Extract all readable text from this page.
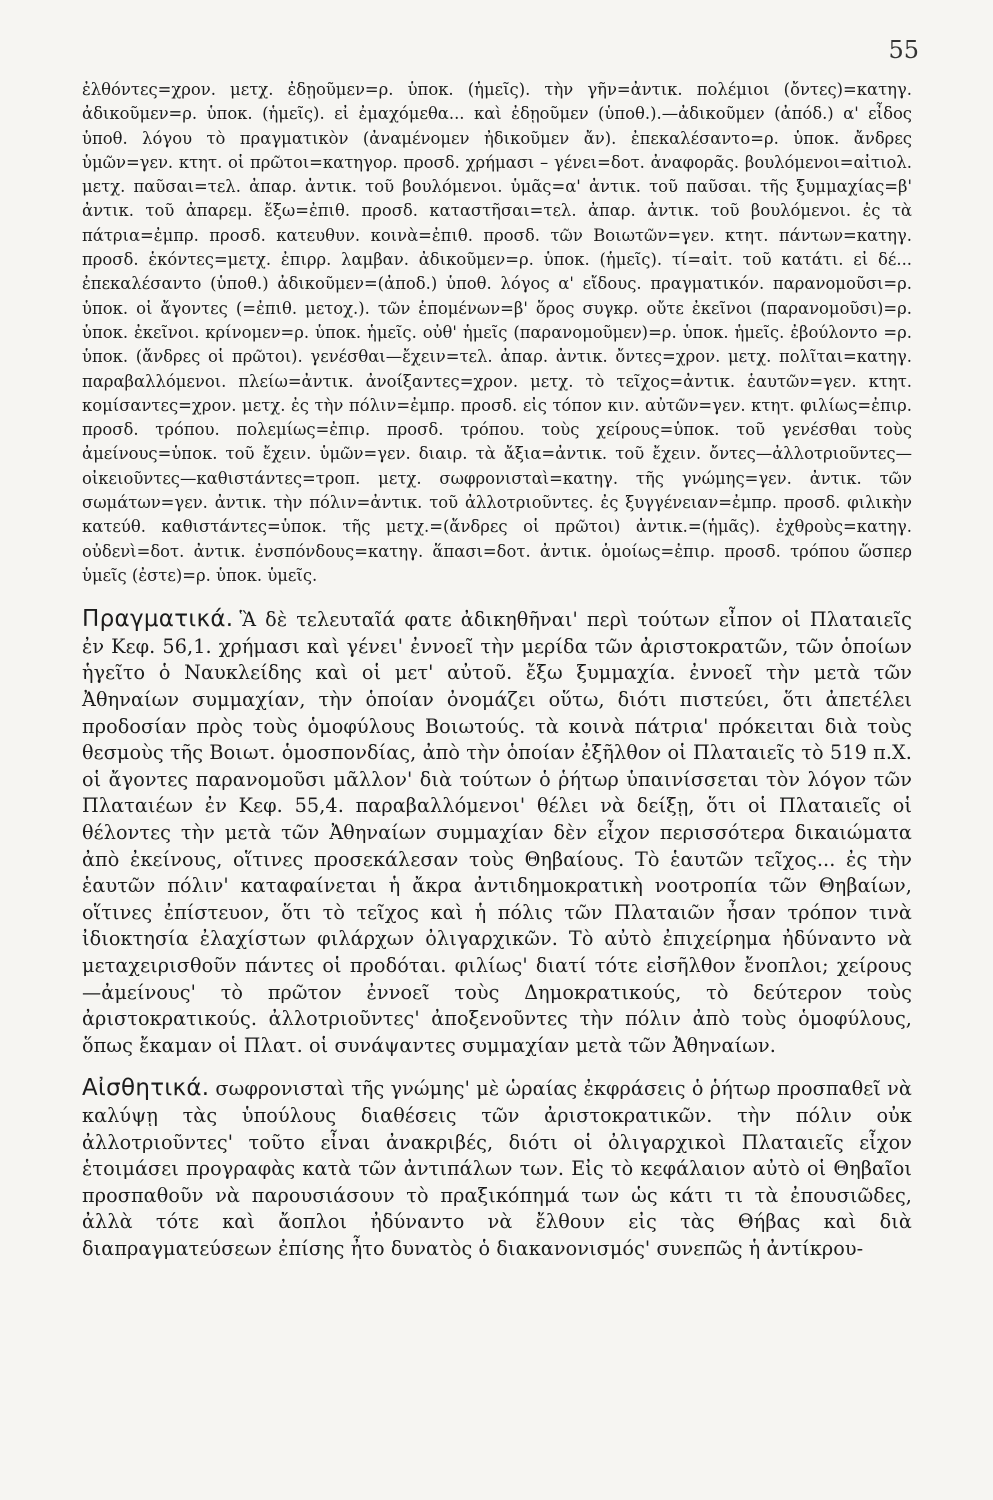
55

ἐλθόντες=χρον. μετχ. ἐδῃοῦμεν=ρ. ὑποκ. (ἡμεῖς). τὴν γῆν=ἀντικ. πολέμιοι (ὄντες)=κατηγ. ἀδικοῦμεν=ρ. ὑποκ. (ἡμεῖς). εἰ ἐμαχόμεθα... καὶ ἐδῃοῦμεν (ὑποθ.).—ἀδικοῦμεν (ἀπόδ.) α' εἶδος ὑποθ. λόγου τὸ πραγματικὸν (ἀναμένομεν ἠδικοῦμεν ἄν). ἐπεκαλέσαντο=ρ. ὑποκ. ἄνδρες ὑμῶν=γεν. κτητ. οἱ πρῶτοι=κατηγορ. προσδ. χρήμασι – γένει=δοτ. ἀναφορᾶς. βουλόμενοι=αἰτιολ. μετχ. παῦσαι=τελ. ἀπαρ. ἀντικ. τοῦ βουλόμενοι. ὑμᾶς=α' ἀντικ. τοῦ παῦσαι. τῆς ξυμμαχίας=β' ἀντικ. τοῦ ἀπαρεμ. ἔξω=ἐπιθ. προσδ. καταστῆσαι=τελ. ἀπαρ. ἀντικ. τοῦ βουλόμενοι. ἐς τὰ πάτρια=ἐμπρ. προσδ. κατευθυν. κοινὰ=ἐπιθ. προσδ. τῶν Βοιωτῶν=γεν. κτητ. πάντων=κατηγ. προσδ. ἑκόντες=μετχ. ἐπιρρ. λαμβαν. ἀδικοῦμεν=ρ. ὑποκ. (ἡμεῖς). τί=αἰτ. τοῦ κατάτι. εἰ δέ... ἐπεκαλέσαντο (ὑποθ.) ἀδικοῦμεν=(ἀποδ.) ὑποθ. λόγος α' εἴδους. πραγματικόν. παρανομοῦσι=ρ. ὑποκ. οἱ ἄγοντες (=ἐπιθ. μετοχ.). τῶν ἑπομένων=β' ὅρος συγκρ. οὔτε ἐκεῖνοι (παρανομοῦσι)=ρ. ὑποκ. ἐκεῖνοι. κρίνομεν=ρ. ὑποκ. ἡμεῖς. οὐθ' ἡμεῖς (παρανομοῦμεν)=ρ. ὑποκ. ἡμεῖς. ἐβούλοντο =ρ. ὑποκ. (ἄνδρες οἱ πρῶτοι). γενέσθαι—ἔχειν=τελ. ἀπαρ. ἀντικ. ὄντες=χρον. μετχ. πολῖται=κατηγ. παραβαλλόμενοι. πλείω=ἀντικ. ἀνοίξαντες=χρον. μετχ. τὸ τεῖχος=ἀντικ. ἑαυτῶν=γεν. κτητ. κομίσαντες=χρον. μετχ. ἐς τὴν πόλιν=ἐμπρ. προσδ. εἰς τόπον κιν. αὐτῶν=γεν. κτητ. φιλίως=ἐπιρ. προσδ. τρόπου. πολεμίως=ἐπιρ. προσδ. τρόπου. τοὺς χείρους=ὑποκ. τοῦ γενέσθαι τοὺς ἀμείνους=ὑποκ. τοῦ ἔχειν. ὑμῶν=γεν. διαιρ. τὰ ἄξια=ἀντικ. τοῦ ἔχειν. ὄντες—ἀλλοτριοῦντες—οἰκειοῦντες—καθιστάντες=τροπ. μετχ. σωφρονισταὶ=κατηγ. τῆς γνώμης=γεν. ἀντικ. τῶν σωμάτων=γεν. ἀντικ. τὴν πόλιν=ἀντικ. τοῦ ἀλλοτριοῦντες. ἐς ξυγγένειαν=ἐμπρ. προσδ. φιλικὴν κατεύθ. καθιστάντες=ὑποκ. τῆς μετχ.=(ἄνδρες οἱ πρῶτοι) ἀντικ.=(ἡμᾶς). ἐχθροὺς=κατηγ. οὐδενὶ=δοτ. ἀντικ. ἐνσπόνδους=κατηγ. ἅπασι=δοτ. ἀντικ. ὁμοίως=ἐπιρ. προσδ. τρόπου ὥσπερ ὑμεῖς (ἐστε)=ρ. ὑποκ. ὑμεῖς.

Πραγματικά. Ἃ δὲ τελευταῖά φατε ἀδικηθῆναι' περὶ τούτων εἶπον οἱ Πλαταιεῖς ἐν Κεφ. 56,1. χρήμασι καὶ γένει' ἐννοεῖ τὴν μερίδα τῶν ἀριστοκρατῶν, τῶν ὁποίων ἡγεῖτο ὁ Ναυκλείδης καὶ οἱ μετ' αὐτοῦ. ἔξω ξυμμαχία. ἐννοεῖ τὴν μετὰ τῶν Ἀθηναίων συμμαχίαν, τὴν ὁποίαν ὀνομάζει οὕτω, διότι πιστεύει, ὅτι ἀπετέλει προδοσίαν πρὸς τοὺς ὁμοφύλους Βοιωτούς. τὰ κοινὰ πάτρια' πρόκειται διὰ τοὺς θεσμοὺς τῆς Βοιωτ. ὁμοσπονδίας, ἀπὸ τὴν ὁποίαν ἐξῆλθον οἱ Πλαταιεῖς τὸ 519 π.Χ. οἱ ἄγοντες παρανομοῦσι μᾶλλον' διὰ τούτων ὁ ῥήτωρ ὑπαινίσσεται τὸν λόγον τῶν Πλαταιέων ἐν Κεφ. 55,4. παραβαλλόμενοι' θέλει νὰ δείξῃ, ὅτι οἱ Πλαταιεῖς οἱ θέλοντες τὴν μετὰ τῶν Ἀθηναίων συμμαχίαν δὲν εἶχον περισσότερα δικαιώματα ἀπὸ ἐκείνους, οἵτινες προσεκάλεσαν τοὺς Θηβαίους. Τὸ ἑαυτῶν τεῖχος... ἐς τὴν ἑαυτῶν πόλιν' καταφαίνεται ἡ ἄκρα ἀντιδημοκρατικὴ νοοτροπία τῶν Θηβαίων, οἵτινες ἐπίστευον, ὅτι τὸ τεῖχος καὶ ἡ πόλις τῶν Πλαταιῶν ἦσαν τρόπον τινὰ ἰδιοκτησία ἐλαχίστων φιλάρχων ὀλιγαρχικῶν. Τὸ αὐτὸ ἐπιχείρημα ἠδύναντο νὰ μεταχειρισθοῦν πάντες οἱ προδόται. φιλίως' διατί τότε εἰσῆλθον ἔνοπλοι; χείρους —ἀμείνους' τὸ πρῶτον ἐννοεῖ τοὺς Δημοκρατικούς, τὸ δεύτερον τοὺς ἀριστοκρατικούς. ἀλλοτριοῦντες' ἀποξενοῦντες τὴν πόλιν ἀπὸ τοὺς ὁμοφύλους, ὅπως ἔκαμαν οἱ Πλατ. οἱ συνάψαντες συμμαχίαν μετὰ τῶν Ἀθηναίων.

Αἰσθητικά. σωφρονισταὶ τῆς γνώμης' μὲ ὡραίας ἐκφράσεις ὁ ῥήτωρ προσπαθεῖ νὰ καλύψῃ τὰς ὑπούλους διαθέσεις τῶν ἀριστοκρατικῶν. τὴν πόλιν οὐκ ἀλλοτριοῦντες' τοῦτο εἶναι ἀνακριβές, διότι οἱ ὀλιγαρχικοὶ Πλαταιεῖς εἶχον ἑτοιμάσει προγραφὰς κατὰ τῶν ἀντιπάλων των. Εἰς τὸ κεφάλαιον αὐτὸ οἱ Θηβαῖοι προσπαθοῦν νὰ παρουσιάσουν τὸ πραξικόπημά των ὡς κάτι τι τὰ ἐπουσιῶδες, ἀλλὰ τότε καὶ ἄοπλοι ἠδύναντο νὰ ἔλθουν εἰς τὰς Θήβας καὶ διὰ διαπραγματεύσεων ἐπίσης ἦτο δυνατὸς ὁ διακανονισμός' συνεπῶς ἡ ἀντίκρου-
